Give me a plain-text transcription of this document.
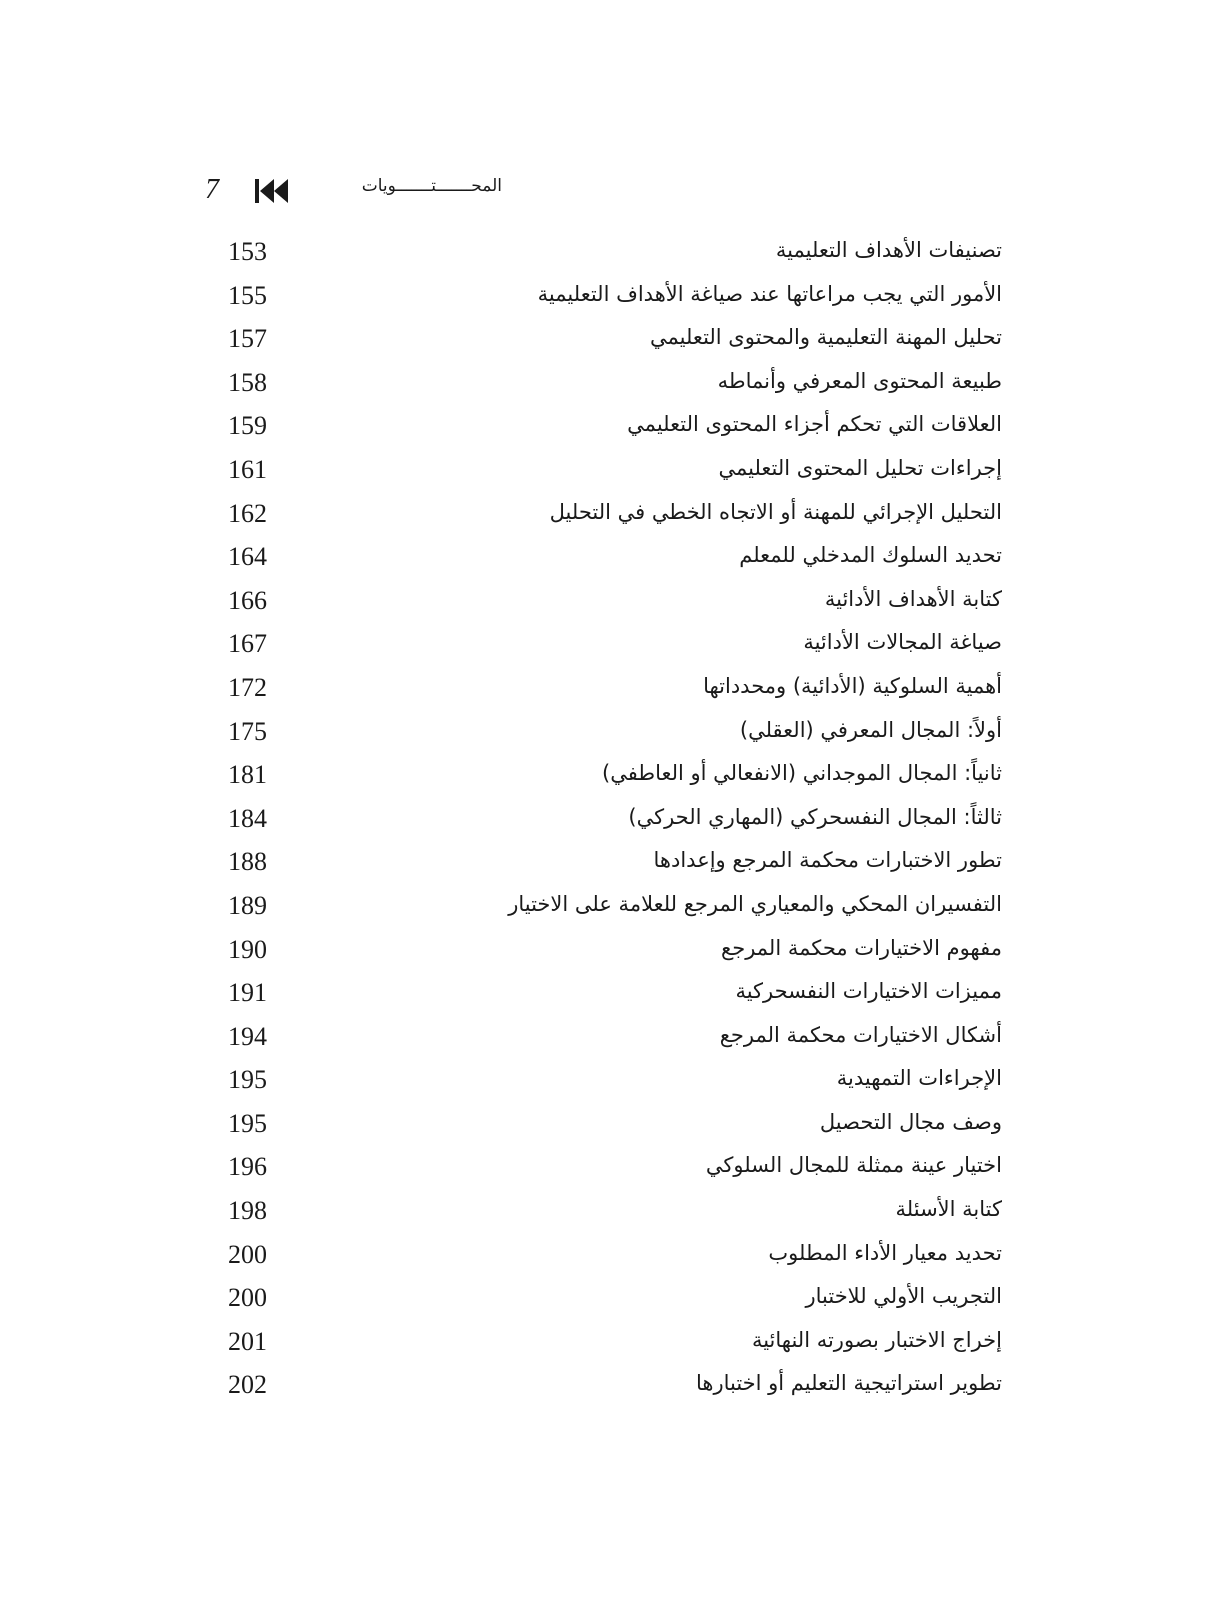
7	المحـــــــتـــــــويات
تصنيفات الأهداف التعليمية
153
الأمور التي يجب مراعاتها عند صياغة الأهداف التعليمية
155
تحليل المهنة التعليمية والمحتوى التعليمي
157
طبيعة المحتوى المعرفي وأنماطه
158
العلاقات التي تحكم أجزاء المحتوى التعليمي
159
إجراءات تحليل المحتوى التعليمي
161
التحليل الإجرائي للمهنة أو الاتجاه الخطي في التحليل
162
تحديد السلوك المدخلي للمعلم
164
كتابة الأهداف الأدائية
166
صياغة المجالات الأدائية
167
أهمية السلوكية (الأدائية) ومحدداتها
172
أولاً: المجال المعرفي (العقلي)
175
ثانياً: المجال الموجداني (الانفعالي أو العاطفي)
181
ثالثاً: المجال النفسحركي (المهاري الحركي)
184
تطور الاختبارات محكمة المرجع وإعدادها
188
التفسيران المحكي والمعياري المرجع للعلامة على الاختيار
189
مفهوم الاختيارات محكمة المرجع
190
مميزات الاختيارات النفسحركية
191
أشكال الاختيارات محكمة المرجع
194
الإجراءات التمهيدية
195
وصف مجال التحصيل
195
اختيار عينة ممثلة للمجال السلوكي
196
كتابة الأسئلة
198
تحديد معيار الأداء المطلوب
200
التجريب الأولي للاختبار
200
إخراج الاختبار بصورته النهائية
201
تطوير استراتيجية التعليم أو اختبارها
202
